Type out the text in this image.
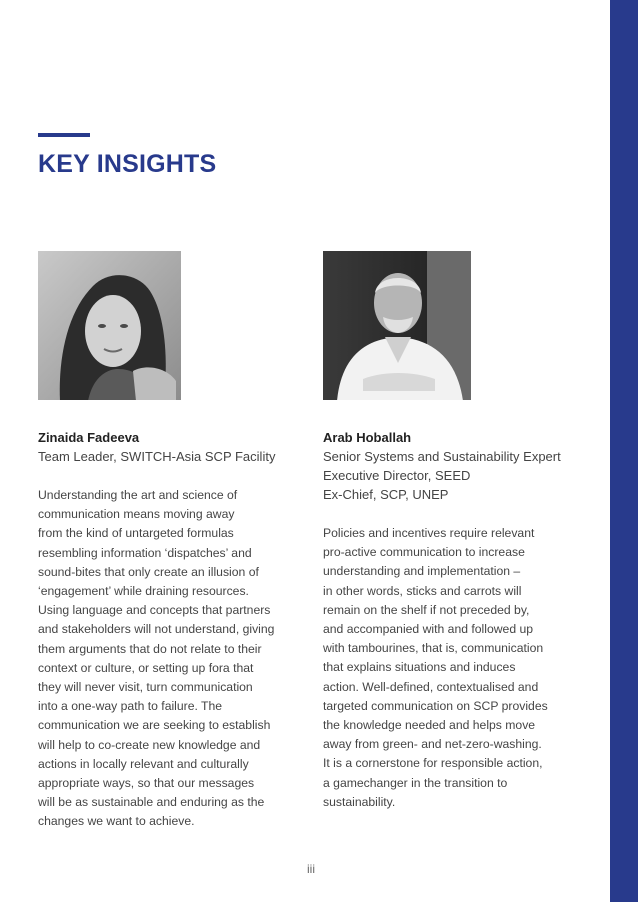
KEY INSIGHTS

Zinaida Fadeeva

Team Leader, SWITCH-Asia SCP Facility

Understanding the art and science of
communication means moving away
from the kind of untargeted formulas
resembling information ‘dispatches’ and
sound-bites that only create an illusion of
‘engagement’ while draining resources.
Using language and concepts that partners
and stakeholders will not understand, giving
them arguments that do not relate to their
context or culture, or setting up fora that
they will never visit, turn communication
into a one-way path to failure. The
communication we are seeking to establish
will help to co-create new knowledge and
actions in locally relevant and culturally
appropriate ways, so that our messages
will be as sustainable and enduring as the
changes we want to achieve.

Arab Hoballah

Senior Systems and Sustainability Expert

Executive Director, SEED

Ex-Chief, SCP, UNEP

Policies and incentives require relevant
pro-active communication to increase
understanding and implementation –
in other words, sticks and carrots will
remain on the shelf if not preceded by,
and accompanied with and followed up
with tambourines, that is, communication
that explains situations and induces
action. Well-defined, contextualised and
targeted communication on SCP provides
the knowledge needed and helps move
away from green- and net-zero-washing.
It is a cornerstone for responsible action,
a gamechanger in the transition to
sustainability.
iii
